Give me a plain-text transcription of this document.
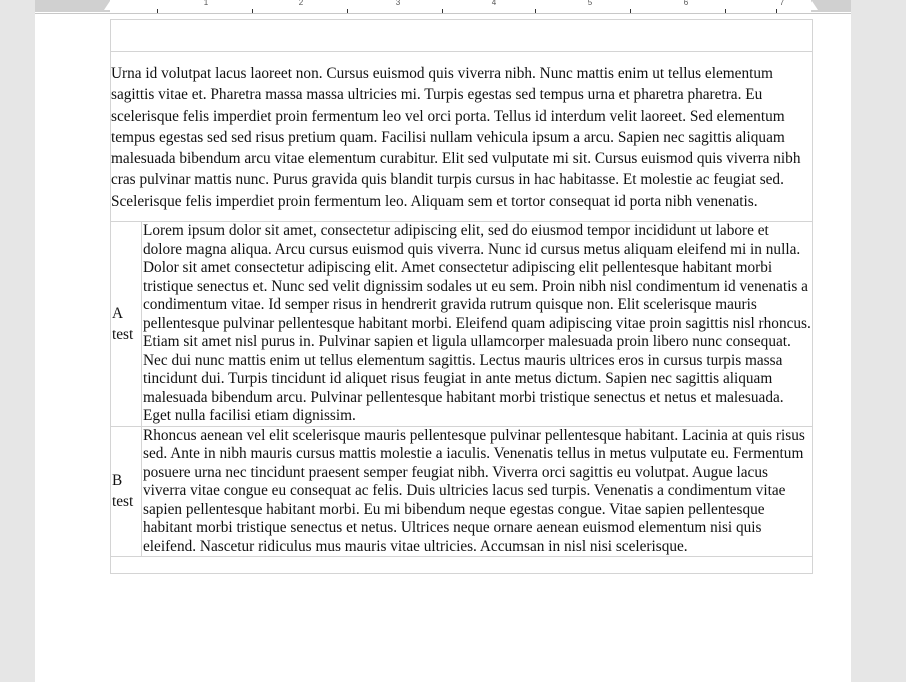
1	2	3	4	5	6	7

Urna id volutpat lacus laoreet non. Cursus euismod quis viverra nibh. Nunc mattis enim ut tellus elementum sagittis vitae et. Pharetra massa massa ultricies mi. Turpis egestas sed tempus urna et pharetra pharetra. Eu scelerisque felis imperdiet proin fermentum leo vel orci porta. Tellus id interdum velit laoreet. Sed elementum tempus egestas sed sed risus pretium quam. Facilisi nullam vehicula ipsum a arcu. Sapien nec sagittis aliquam malesuada bibendum arcu vitae elementum curabitur. Elit sed vulputate mi sit. Cursus euismod quis viverra nibh cras pulvinar mattis nunc. Purus gravida quis blandit turpis cursus in hac habitasse. Et molestie ac feugiat sed. Scelerisque felis imperdiet proin fermentum leo. Aliquam sem et tortor consequat id porta nibh venenatis.	
A test	Lorem ipsum dolor sit amet, consectetur adipiscing elit, sed do eiusmod tempor incididunt ut labore et dolore magna aliqua. Arcu cursus euismod quis viverra. Nunc id cursus metus aliquam eleifend mi in nulla. Dolor sit amet consectetur adipiscing elit. Amet consectetur adipiscing elit pellentesque habitant morbi tristique senectus et. Nunc sed velit dignissim sodales ut eu sem. Proin nibh nisl condimentum id venenatis a condimentum vitae. Id semper risus in hendrerit gravida rutrum quisque non. Elit scelerisque mauris pellentesque pulvinar pellentesque habitant morbi. Eleifend quam adipiscing vitae proin sagittis nisl rhoncus. Etiam sit amet nisl purus in. Pulvinar sapien et ligula ullamcorper malesuada proin libero nunc consequat. Nec dui nunc mattis enim ut tellus elementum sagittis. Lectus mauris ultrices eros in cursus turpis massa tincidunt dui. Turpis tincidunt id aliquet risus feugiat in ante metus dictum. Sapien nec sagittis aliquam malesuada bibendum arcu. Pulvinar pellentesque habitant morbi tristique senectus et netus et malesuada. Eget nulla facilisi etiam dignissim.
B test	Rhoncus aenean vel elit scelerisque mauris pellentesque pulvinar pellentesque habitant. Lacinia at quis risus sed. Ante in nibh mauris cursus mattis molestie a iaculis. Venenatis tellus in metus vulputate eu. Fermentum posuere urna nec tincidunt praesent semper feugiat nibh. Viverra orci sagittis eu volutpat. Augue lacus viverra vitae congue eu consequat ac felis. Duis ultricies lacus sed turpis. Venenatis a condimentum vitae sapien pellentesque habitant morbi. Eu mi bibendum neque egestas congue. Vitae sapien pellentesque habitant morbi tristique senectus et netus. Ultrices neque ornare aenean euismod elementum nisi quis eleifend. Nascetur ridiculus mus mauris vitae ultricies. Accumsan in nisl nisi scelerisque.
